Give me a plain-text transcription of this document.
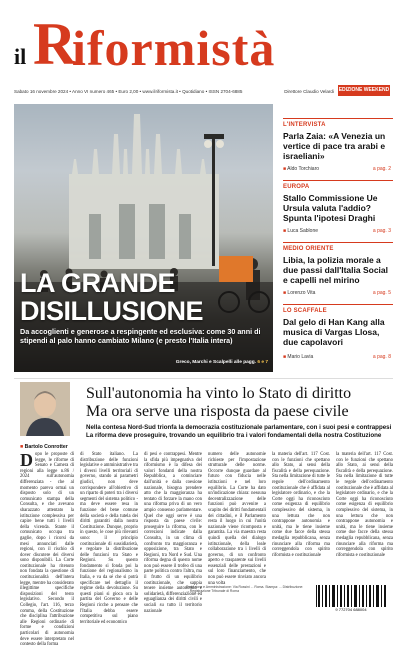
il R
iformistà
Sabato 16 novembre 2024 • Anno VI numero 465 • Euro 2,00 • www.ilriformista.it • Quotidiano • ISSN 2704-6885	Direttore Claudio Velardi EDIZIONE WEEKEND
LA GRANDE
DISILLUSIONE
Da accoglienti e generose a respingente ed esclusiva: come 30 anni di stipendi al palo hanno cambiato Milano (e presto l'Italia intera)
Greco, Marchi e Scalpelli alle pagg. 6 e 7
L'INTERVISTA
Parla Zaia: «A Venezia un vertice di pace tra arabi e israeliani»
■ Aldo Torchiaro	a pag. 2
EUROPA
Stallo Commissione Ue Ursula valuta l'addio? Spunta l'ipotesi Draghi
■ Luca Sablone	a pag. 3
MEDIO ORIENTE
Libia, la polizia morale a due passi dall'Italia Social e capelli nel mirino
■ Lorenzo Vita	a pag. 5
LO SCAFFALE
Dal gelo di Han Kang alla musica di Vargas Llosa, due capolavori
■ Mario Lavia	a pag. 8
Sull'autonomia ha vinto lo Stato di diritto
Ma ora serve una risposta da paese civile
Nella contesa Nord-Sud trionfa la democrazia costituzionale parlamentare, con i suoi pesi e contrappesi La riforma deve proseguire, trovando un equilibrio tra i valori fondamentali della nostra Costituzione
■ Bartolo Conrotter
Dopo le proposte di legge, le riforme di Senato e Camera di regioni alla legge n.86 / 2024 sull'autonomia differenziata - che al momento pareva ormai un disposto solo di un comunicato stampa della Consulta, e che avevano sbarazzato attentato la istituzione complessiva per capire bene tutti i livelli della vicenda. Stante il comunicato occupa tra gaglie, dopo i ricorsi da mesi annunciati dalle regioni, con il rischio di dover discutere dei diversi sono disponibili. La Corte costituzionale ha ritenuto non fondata la questione di costituzionalità dell'intera legge, mentre ha considerato illegittime specifiche disposizioni del testo legislativo. Secondo il Collegio, l'art. 116, terzo comma, della Costituzione che disciplina l'attribuzione alle Regioni ordinarie di forme e condizioni particolari di autonomia deve essere interpretato nel contesto della forma
di Stato italiano. La distribuzione delle funzioni legislative e amministrative tra i diversi livelli territoriali di governo, stando ai parametri giudici, non deve corrispondere all'obiettivo di un riparto di poteri tra i diversi segmenti del sistema politico - ma deve essere resa in funzione del bene comune della società e della tutela dei diritti garantiti dalla nostra Costituzione. Dunque, proprio in questo, le cose più rilevanti sono: il principio costituzionale di sussidiarietà, e regolare la distribuzione delle funzioni tra Stato e Regioni. Su questo fondamento si fonda poi la funzione del regionalismo in Italia, e va da sé che si potrà specificare nel dettaglio il regime della devoluzione. Su questi piani si gioca ora la partita del Governo e delle Regioni ricche a pensare che l'Italia debba essere competitiva sul piano territoriale ed economico
di pesi e contrappesi. Mentre la sfida più impegnativa del riformismo è la difesa dei valori fondanti della nostra Repubblica, a cominciare dall'unità e dalla coesione nazionale, bisogna prendere atto che la maggioranza ha tentato di forzare la mano con una riforma priva di un vero ampio consenso parlamentare. Quel che oggi serve è una risposta da paese civile: proseguire la riforma, con le correzioni indicate dalla Consulta, in un clima di confronto tra maggioranza e opposizione, tra Stato e Regioni, tra Nord e Sud. Una riforma degna di questo nome non può essere il trofeo di una parte politica contro l'altra, ma il frutto di un equilibrio costituzionale, che sappia tenere insieme autonomia e solidarietà, differenziazione ed eguaglianza dei diritti civili e sociali su tutto il territorio nazionale
numero delle autonomie richieste per l'impostazione strutturale delle norme. Occorre dunque guardare al futuro con fiducia nelle istituzioni e nel loro equilibrio. La Corte ha dato un'indicazione chiara: nessuna decentralizzazione delle funzioni può avvenire a scapito dei diritti fondamentali dei cittadini, e il Parlamento resta il luogo in cui l'unità nazionale viene ricomposta e garantita. La via maestra resta quindi quella del dialogo istituzionale, della leale collaborazione tra i livelli di governo, di un confronto aperto e trasparente sui livelli essenziali delle prestazioni e sul loro finanziamento, che non può essere rinviato ancora una volta
la materia dell'art. 117 Cost. con le funzioni che spettano allo Stato, ai sensi della fiscalità e della perequazione. Sta nella limitazione di tutte le regole dell'ordinamento costituzionale che è affidata al legislatore ordinario, e che la Corte oggi ha riconosciuto come esigenza di equilibrio complessivo del sistema, in una lettura che non contrappone autonomia e unità, ma le tiene insieme come due facce della stessa medaglia repubblicana, senza rinunciare alla riforma ma correggendola con spirito riformista e costituzionale
la materia dell'art. 117 Cost. con le funzioni che spettano allo Stato, ai sensi della fiscalità e della perequazione. Sta nella limitazione di tutte le regole dell'ordinamento costituzionale che è affidata al legislatore ordinario, e che la Corte oggi ha riconosciuto come esigenza di equilibrio complessivo del sistema, in una lettura che non contrappone autonomia e unità, ma le tiene insieme come due facce della stessa medaglia repubblicana, senza rinunciare alla riforma ma correggendola con spirito riformista e costituzionale
Redazione e Amministrazione: Via Rossini ... Roma. Stampa: ... Distribuzione: ... Registrazione Tribunale di Roma
9 772704 688004
